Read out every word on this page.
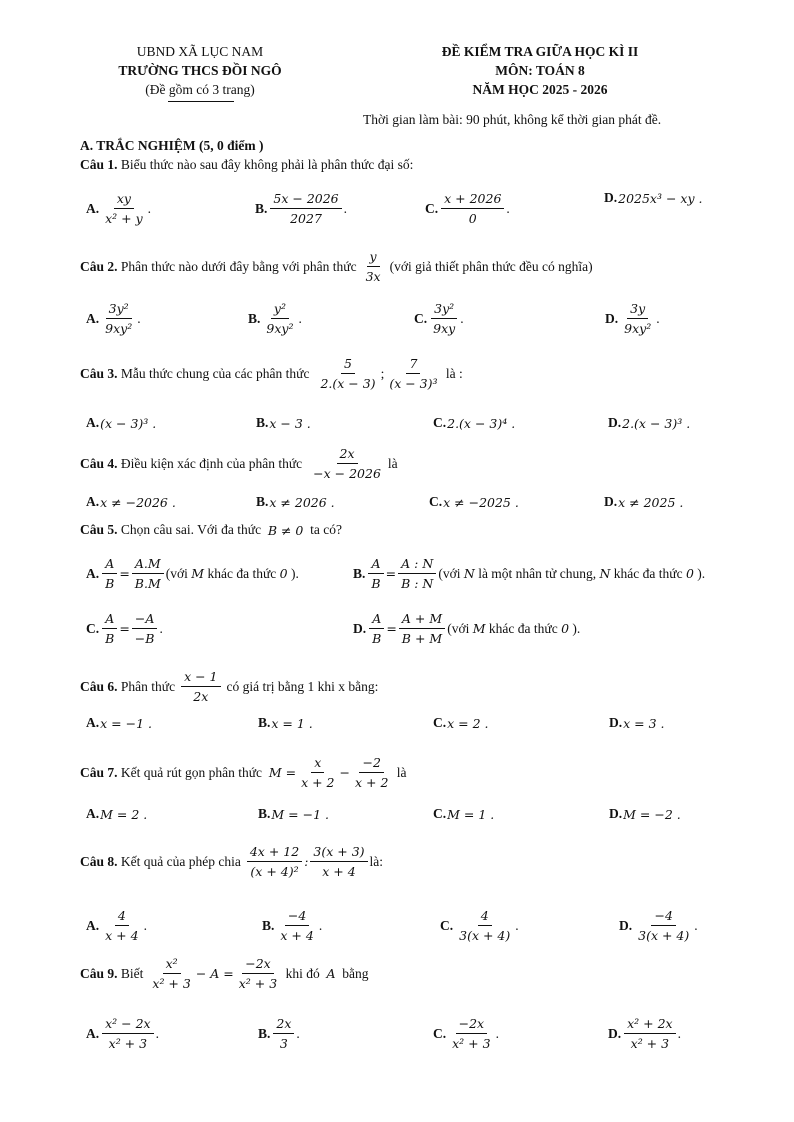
UBND XÃ LỤC NAM
TRƯỜNG THCS ĐỒI NGÔ
(Đề gồm có 3 trang)
ĐỀ KIỂM TRA GIỮA HỌC KÌ II
MÔN: TOÁN 8
NĂM HỌC 2025 - 2026
Thời gian làm bài: 90 phút, không kể thời gian phát đề.
A. TRẮC NGHIỆM (5, 0 điểm )
Câu 1.
Biểu thức nào sau đây không phải là phân thức đại số:
A. $\frac{xy}{\text{x² + y}}$ .	B. $\frac{5x - 2026}{2027}$ .	C. $\frac{x + 2026}{0}$ .
D. 2025x³ − xy .
Câu 2.
Phân thức nào dưới đây bằng với phân thức $\frac{y}{3x}$ (với giả thiết phân thức đều có nghĩa)
A. $\frac{\text{3y²}}{\text{9xy²}}$ .	B. $\frac{\text{y²}}{\text{9xy²}}$ .	C. $\frac{\text{3y²}}{9xy}$ .	D. $\frac{3y}{\text{9xy²}}$ .
Câu 3.
Mẫu thức chung của các phân thức $\frac{5}{2.(x - 3)}$ ; $\frac{7}{\text{(x − 3)³}}$
là :
A. (x − 3)³ .	B. x − 3 .	C. 2.(x − 3)⁴ .	D. 2.(x − 3)³ .
Câu 4.
Điều kiện xác định của phân thức $\frac{2x}{-x - 2026}$ là
A. x ≠ −2026 .	B. x ≠ 2026 .	C. x ≠ −2025 .	D. x ≠ 2025 .
Câu 5.
Chọn câu sai. Với đa thức
B ≠ 0
ta có?
A. $\frac{A}{B} = \frac{A.M}{B.M}$ (với
M
khác đa thức
0
).	B. $\frac{A}{B} = \frac{A : N}{B : N}$ (với
N
là một nhân tử chung,
N
khác đa thức
0
).
C. $\frac{A}{B} = \frac{-A}{-B}$ .	D. $\frac{A}{B} = \frac{A + M}{B + M}$ (với
M
khác đa thức
0
).
Câu 6.
Phân thức $\frac{x - 1}{2x}$ có giá trị bằng 1 khi x bằng:
A. x = −1 .	B. x = 1 .	C. x = 2 .	D. x = 3 .
Câu 7.
Kết quả rút gọn phân thức
$M = \frac{x}{x + 2} - \frac{-2}{x + 2}$
là
A. M = 2 .	B. M = −1 .	C. M = 1 .	D. M = −2 .
Câu 8.
Kết quả của phép chia $\frac{4x + 12}{\text{(x + 4)²}}$ : $\frac{3(x + 3)}{x + 4}$ là:
A. $\frac{4}{x + 4}$ .	B. $\frac{-4}{x + 4}$ .	C. $\frac{4}{3(x + 4)}$ .	D. $\frac{-4}{3(x + 4)}$ .
Câu 9.
Biết $\frac{\text{x²}}{\text{x² + 3}} - A = \frac{-2x}{\text{x² + 3}}$
khi đó
A
bằng
A. $\frac{\text{x² − 2x}}{\text{x² + 3}}$ .	B. $\frac{2x}{3}$ .	C. $\frac{-2x}{\text{x² + 3}}$ .	D. $\frac{\text{x² + 2x}}{\text{x² + 3}}$ .
